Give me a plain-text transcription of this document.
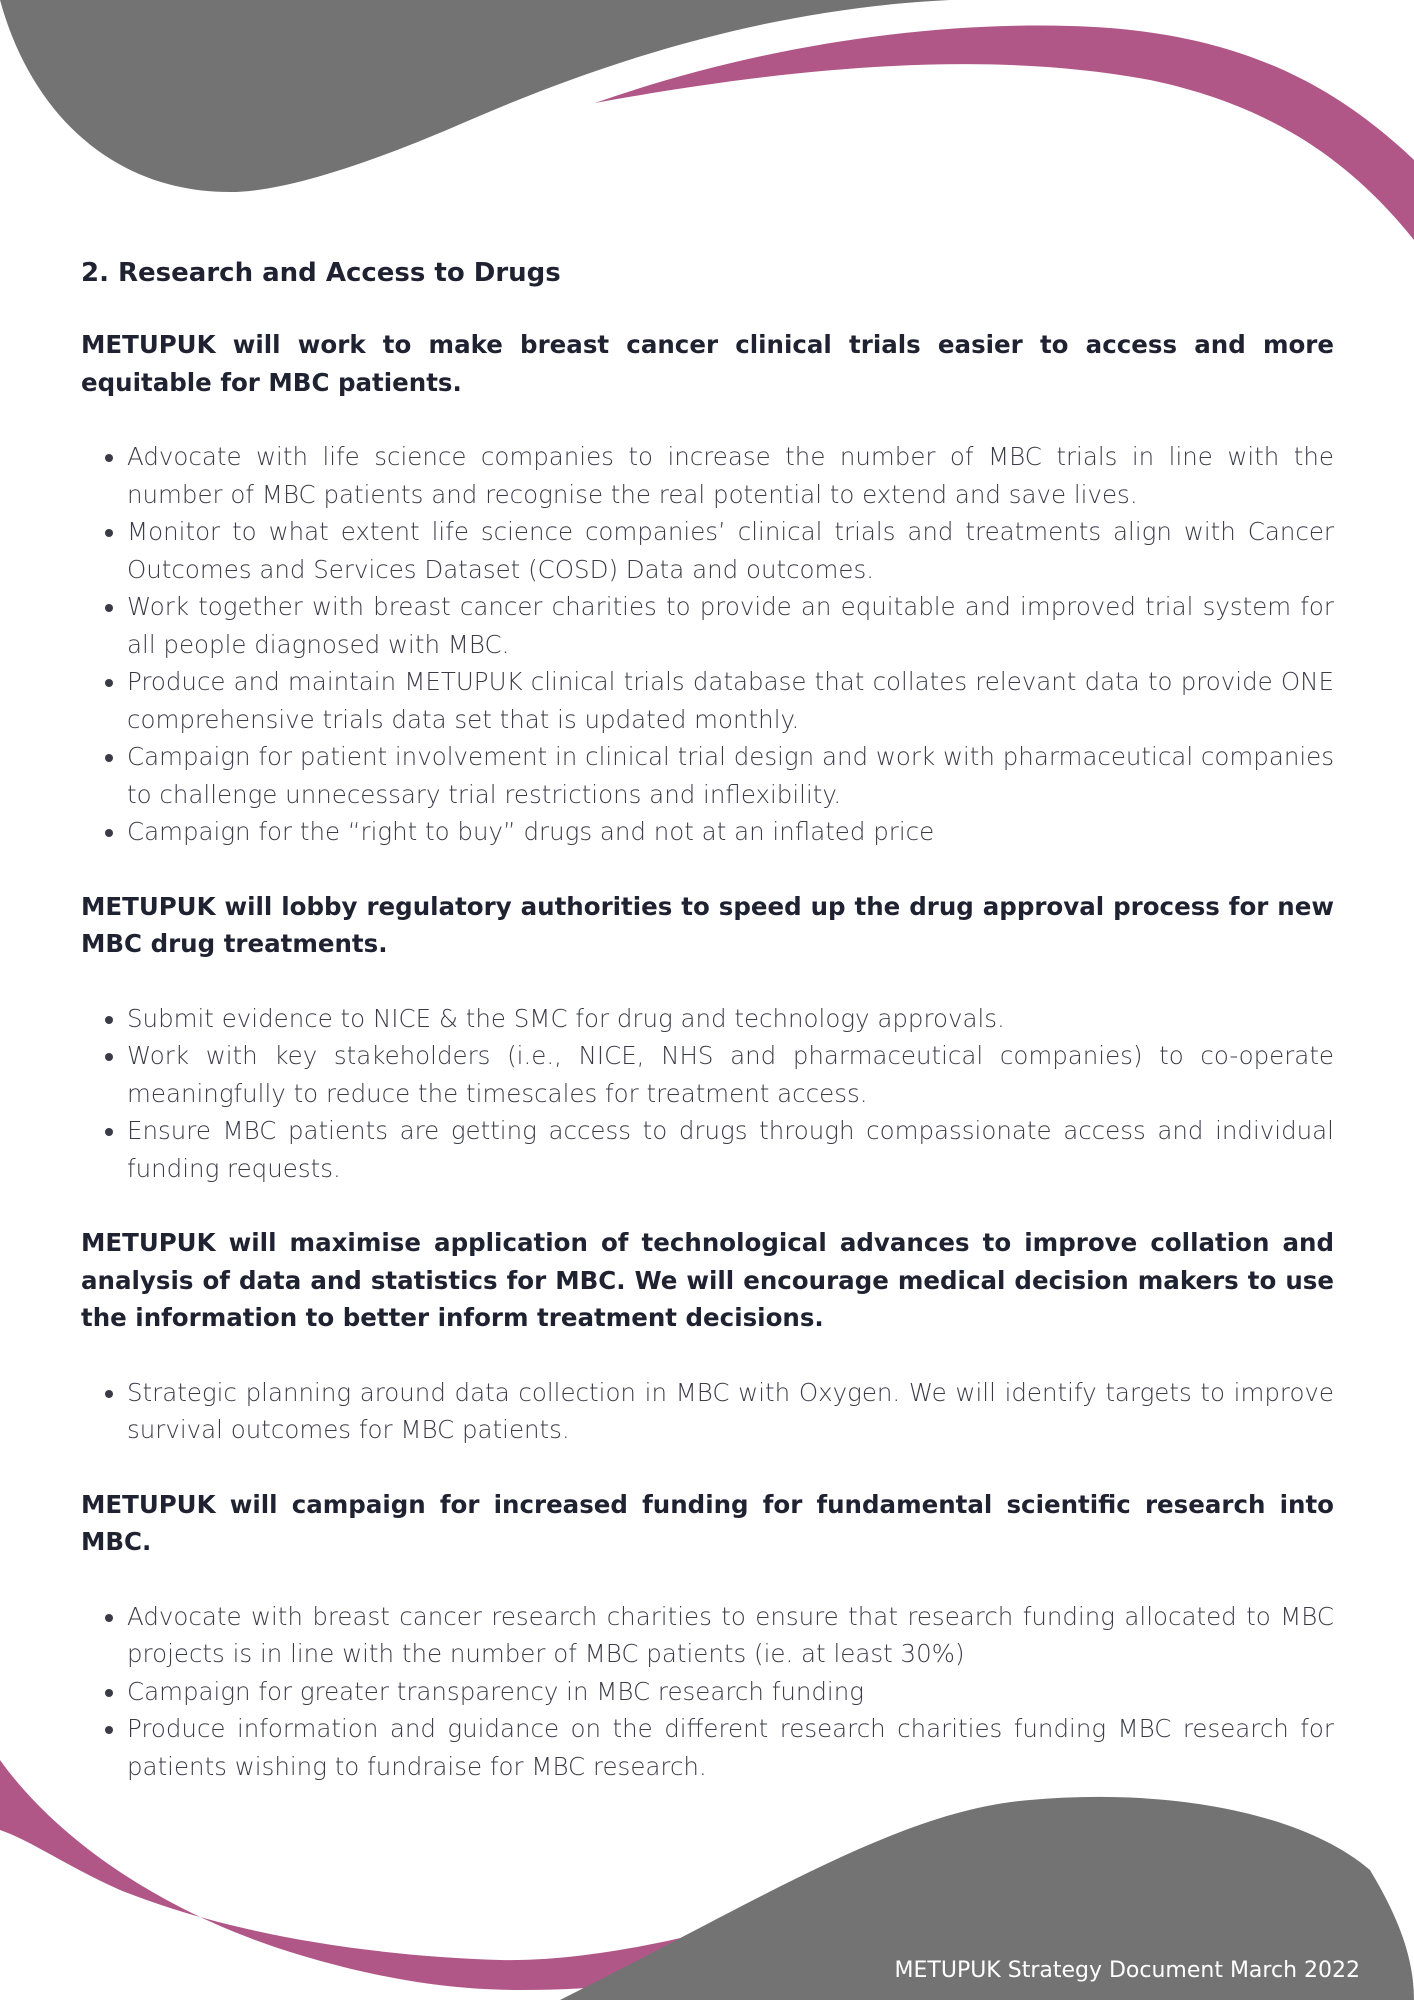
2. Research and Access to Drugs

METUPUK will work to make breast cancer clinical trials easier to access and more equitable for MBC patients.

• Advocate with life science companies to increase the number of MBC trials in line with the number of MBC patients and recognise the real potential to extend and save lives.
• Monitor to what extent life science companies’ clinical trials and treatments align with Cancer Outcomes and Services Dataset (COSD) Data and outcomes.
• Work together with breast cancer charities to provide an equitable and improved trial system for all people diagnosed with MBC.
• Produce and maintain METUPUK clinical trials database that collates relevant data to provide ONE comprehensive trials data set that is updated monthly.
• Campaign for patient involvement in clinical trial design and work with pharmaceutical companies to challenge unnecessary trial restrictions and inflexibility.
• Campaign for the “right to buy” drugs and not at an inflated price

METUPUK will lobby regulatory authorities to speed up the drug approval process for new MBC drug treatments.

• Submit evidence to NICE & the SMC for drug and technology approvals.
• Work with key stakeholders (i.e., NICE, NHS and pharmaceutical companies) to co-operate meaningfully to reduce the timescales for treatment access.
• Ensure MBC patients are getting access to drugs through compassionate access and individual funding requests.

METUPUK will maximise application of technological advances to improve collation and analysis of data and statistics for MBC. We will encourage medical decision makers to use the information to better inform treatment decisions.

• Strategic planning around data collection in MBC with Oxygen. We will identify targets to improve survival outcomes for MBC patients.

METUPUK will campaign for increased funding for fundamental scientific research into MBC.

• Advocate with breast cancer research charities to ensure that research funding allocated to MBC projects is in line with the number of MBC patients (ie. at least 30%)
• Campaign for greater transparency in MBC research funding
• Produce information and guidance on the different research charities funding MBC research for patients wishing to fundraise for MBC research.
METUPUK Strategy Document March 2022
